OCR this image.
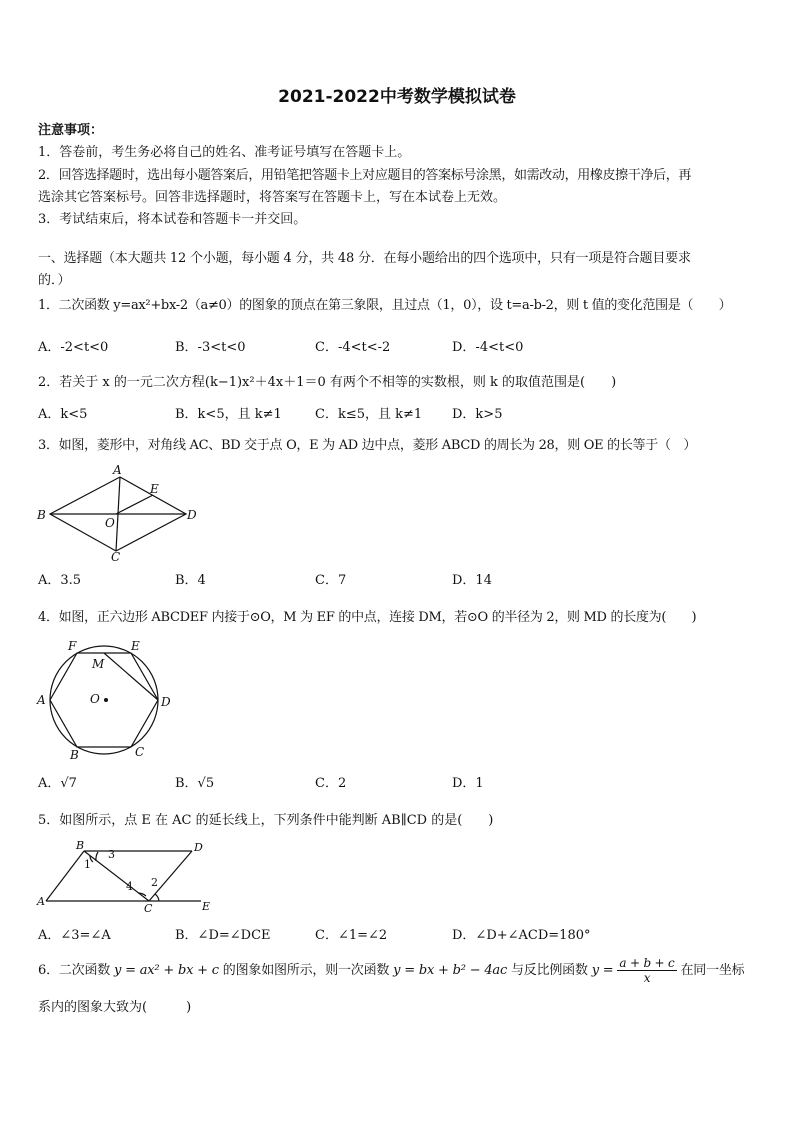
2021-2022中考数学模拟试卷
注意事项：
1．答卷前，考生务必将自己的姓名、准考证号填写在答题卡上。
2．回答选择题时，选出每小题答案后，用铅笔把答题卡上对应题目的答案标号涂黑，如需改动，用橡皮擦干净后，再
选涂其它答案标号。回答非选择题时，将答案写在答题卡上，写在本试卷上无效。
3．考试结束后，将本试卷和答题卡一并交回。
一、选择题（本大题共 12 个小题，每小题 4 分，共 48 分．在每小题给出的四个选项中，只有一项是符合题目要求
的．）
1．二次函数 y=ax²+bx-2（a≠0）的图象的顶点在第三象限，且过点（1，0），设 t=a-b-2，则 t 值的变化范围是（　　）
A．-2<t<0	B．-3<t<0	C．-4<t<-2	D．-4<t<0
2．若关于 x 的一元二次方程(k−1)x²＋4x＋1＝0 有两个不相等的实数根，则 k 的取值范围是(　　)
A．k<5	B．k<5，且 k≠1	C．k≤5，且 k≠1 D．k>5
3．如图，菱形中，对角线 AC、BD 交于点 O，E 为 AD 边中点，菱形 ABCD 的周长为 28，则 OE 的长等于（　）
A
B
C
D
E
O
A．3.5	B．4	C．7	D．14
4．如图，正六边形 ABCDEF 内接于⊙O，M 为 EF 的中点，连接 DM，若⊙O 的半径为 2，则 MD 的长度为(　　)
F	E
M
A	O	D
B	C
A．√7	B．√5	C．2	D．1
5．如图所示，点 E 在 AC 的延长线上，下列条件中能判断 AB∥CD 的是(　　)
B
3
D
1
4 2
A
C	E
A．∠3=∠A	B．∠D=∠DCE	C．∠1=∠2	D．∠D+∠ACD=180°
6．二次函数 y = ax² + bx + c 的图象如图所示，则一次函数 y = bx + b² − 4ac 与反比例函数 $y = \frac{a + b + c}{x}$ 在同一坐标
系内的图象大致为(　　　)
